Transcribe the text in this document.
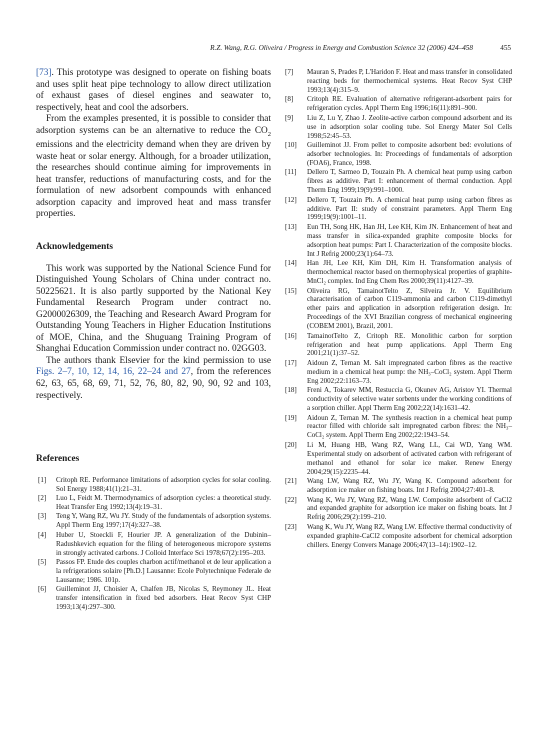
R.Z. Wang, R.G. Oliveira / Progress in Energy and Combustion Science 32 (2006) 424–458	455

[73]. This prototype was designed to operate on fishing boats and uses split heat pipe technology to allow direct utilization of exhaust gases of diesel engines and seawater to, respectively, heat and cool the adsorbers.

From the examples presented, it is possible to consider that adsorption systems can be an alternative to reduce the $CO_2$ emissions and the electricity demand when they are driven by waste heat or solar energy. Although, for a broader utilization, the researches should continue aiming for improvements in heat transfer, reductions of manufacturing costs, and for the formulation of new adsorbent compounds with enhanced adsorption capacity and improved heat and mass transfer properties.

Acknowledgements

This work was supported by the National Science Fund for Distinguished Young Scholars of China under contract no. 50225621. It is also partly supported by the National Key Fundamental Research Program under contract no. G2000026309, the Teaching and Research Award Program for Outstanding Young Teachers in Higher Education Institutions of MOE, China, and the Shuguang Training Program of Shanghai Education Commission under contract no. 02GG03.

The authors thank Elsevier for the kind permission to use Figs. 2–7, 10, 12, 14, 16, 22–24 and 27, from the references 62, 63, 65, 68, 69, 71, 52, 76, 80, 82, 90, 90, 92 and 103, respectively.

References
[1] Critoph RE. Performance limitations of adsorption cycles for solar cooling. Sol Energy 1988;41(1):21–31.
[2] Luo L, Feidt M. Thermodynamics of adsorption cycles: a theoretical study. Heat Transfer Eng 1992;13(4):19–31.
[3] Teng Y, Wang RZ, Wu JY. Study of the fundamentals of adsorption systems. Appl Therm Eng 1997;17(4):327–38.
[4] Huber U, Stoeckli F, Hourier JP. A generalization of the Dubinin–Radushkevich equation for the filing of heterogeneous micropore systems in strongly activated carbons. J Colloid Interface Sci 1978;67(2):195–203.
[5] Passos FP. Etude des couples charbon actif/methanol et de leur application a la refrigerations solaire [Ph.D.] Lausanne: Ecole Polytechnique Federale de Lausanne; 1986. 101p.
[6] Guilleminot JJ, Choisier A, Chalfen JB, Nicolas S, Reymoney JL. Heat transfer intensification in fixed bed adsorbers. Heat Recov Syst CHP 1993;13(4):297–300.
[7] Mauran S, Prades P, L'Haridon F. Heat and mass transfer in consolidated reacting beds for thermochemical systems. Heat Recov Syst CHP 1993;13(4):315–9.
[8] Critoph RE. Evaluation of alternative refrigerant-adsorbent pairs for refrigeration cycles. Appl Therm Eng 1996;16(11):891–900.
[9] Liu Z, Lu Y, Zhao J. Zeolite-active carbon compound adsorbent and its use in adsorption solar cooling tube. Sol Energy Mater Sol Cells 1998;52:45–53.
[10] Guilleminot JJ. From pellet to composite adsorbent bed: evolutions of adsorber technologies. In: Proceedings of fundamentals of adsorption (FOA6), France, 1998.
[11] Dellero T, Sarmeo D, Touzain Ph. A chemical heat pump using carbon fibres as additive. Part I: enhancement of thermal conduction. Appl Therm Eng 1999;19(9):991–1000.
[12] Dellero T, Touzain Ph. A chemical heat pump using carbon fibres as additive. Part II: study of constraint parameters. Appl Therm Eng 1999;19(9):1001–11.
[13] Eun TH, Song HK, Han JH, Lee KH, Kim JN. Enhancement of heat and mass transfer in silica-expanded graphite composite blocks for adsorption heat pumps: Part I. Characterization of the composite blocks. Int J Refrig 2000;23(1):64–73.
[14] Han JH, Lee KH, Kim DH, Kim H. Transformation analysis of thermochemical reactor based on thermophysical properties of graphite-MnCl₂ complex. Ind Eng Chem Res 2000;39(11):4127–39.
[15] Oliveira RG, TamainotTelto Z, Silveira Jr. V. Equilibrium characterisation of carbon C119-ammonia and carbon C119-dimethyl ether pairs and application in adsorption refrigeration design. In: Proceedings of the XVI Brazilian congress of mechanical engineering (COBEM 2001), Brazil, 2001.
[16] TamainotTelto Z, Critoph RE. Monolithic carbon for sorption refrigeration and heat pump applications. Appl Therm Eng 2001;21(1):37–52.
[17] Aidoun Z, Ternan M. Salt impregnated carbon fibres as the reactive medium in a chemical heat pump: the NH₃–CoCl₂ system. Appl Therm Eng 2002;22:1163–73.
[18] Freni A, Tokarev MM, Restuccia G, Okunev AG, Aristov YI. Thermal conductivity of selective water sorbents under the working conditions of a sorption chiller. Appl Therm Eng 2002;22(14):1631–42.
[19] Aidoun Z, Ternan M. The synthesis reaction in a chemical heat pump reactor filled with chloride salt impregnated carbon fibres: the NH₃–CoCl₂ system. Appl Therm Eng 2002;22:1943–54.
[20] Li M, Huang HB, Wang RZ, Wang LL, Cai WD, Yang WM. Experimental study on adsorbent of activated carbon with refrigerant of methanol and ethanol for solar ice maker. Renew Energy 2004;29(15):2235–44.
[21] Wang LW, Wang RZ, Wu JY, Wang K. Compound adsorbent for adsorption ice maker on fishing boats. Int J Refrig 2004;27:401–8.
[22] Wang K, Wu JY, Wang RZ, Wang LW. Composite adsorbent of CaCl2 and expanded graphite for adsorption ice maker on fishing boats. Int J Refrig 2006;29(2):199–210.
[23] Wang K, Wu JY, Wang RZ, Wang LW. Effective thermal conductivity of expanded graphite-CaCl2 composite adsorbent for chemical adsorption chillers. Energy Convers Manage 2006;47(13–14):1902–12.
